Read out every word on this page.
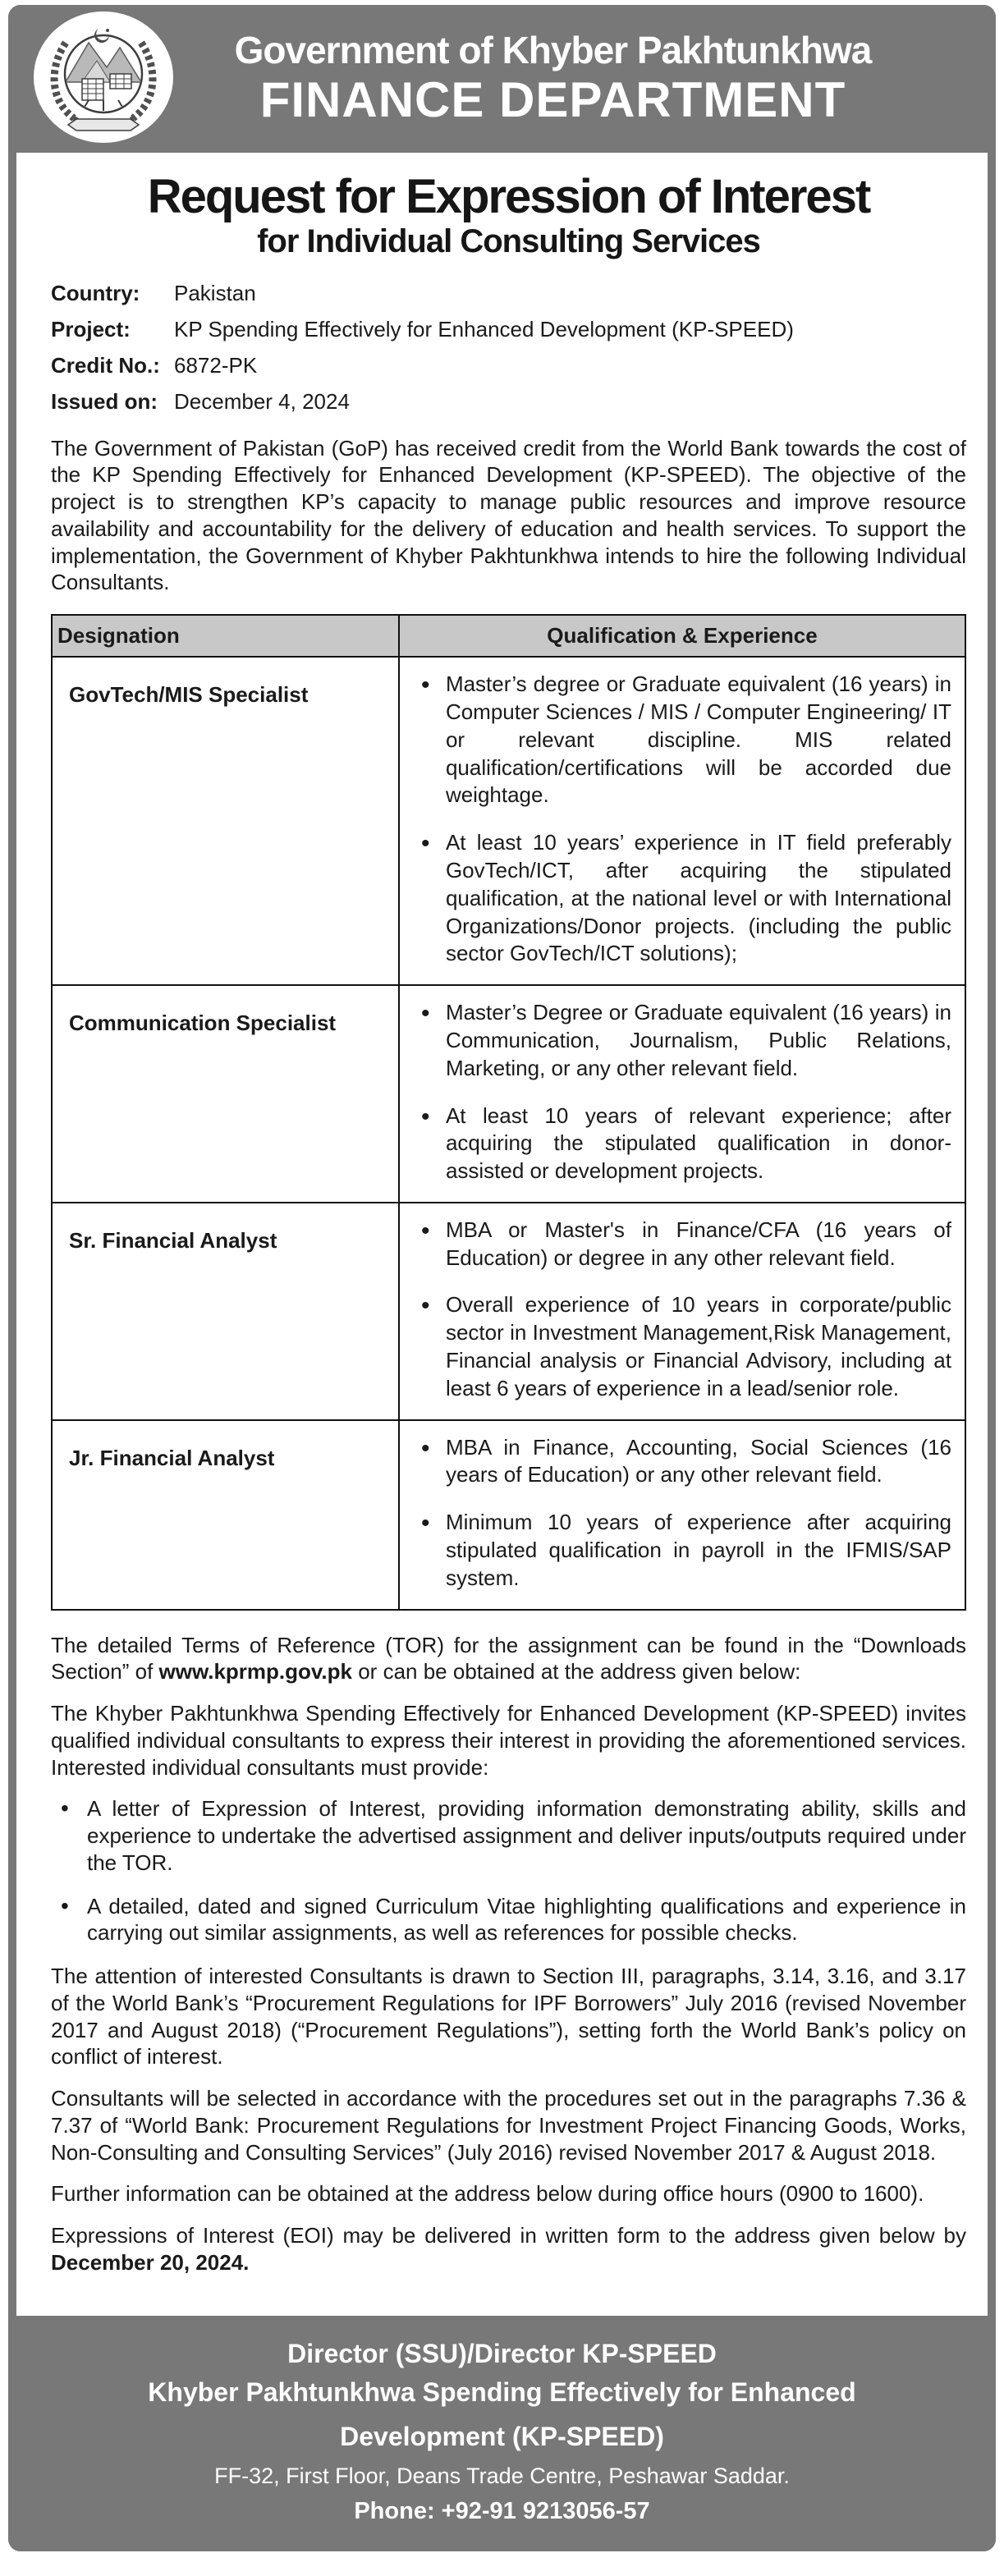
Government of Khyber Pakhtunkhwa
FINANCE DEPARTMENT
Request for Expression of Interest
for Individual Consulting Services
Country:	Pakistan
Project:	KP Spending Effectively for Enhanced Development (KP-SPEED)
Credit No.: 6872-PK
Issued on: December 4, 2024

The Government of Pakistan (GoP) has received credit from the World Bank towards the cost of the KP Spending Effectively for Enhanced Development (KP-SPEED). The objective of the project is to strengthen KP’s capacity to manage public resources and improve resource availability and accountability for the delivery of education and health services. To support the implementation, the Government of Khyber Pakhtunkhwa intends to hire the following Individual Consultants.

Designation	Qualification & Experience
GovTech/MIS Specialist	
•Master’s degree or Graduate equivalent (16 years) in Computer Sciences / MIS / Computer Engineering/ IT or relevant discipline. MIS related qualification/certifications will be accorded due weightage.
• At least 10 years’ experience in IT field preferably GovTech/ICT, after acquiring the stipulated qualification, at the national level or with International Organizations/Donor projects. (including the public sector GovTech/ICT solutions);

Communication Specialist	
•Master’s Degree or Graduate equivalent (16 years) in Communication, Journalism, Public Relations, Marketing, or any other relevant field.
• At least 10 years of relevant experience; after acquiring the stipulated qualification in donor-assisted or development projects.

Sr. Financial Analyst	
•MBA or Master's in Finance/CFA (16 years of Education) or degree in any other relevant field.
• Overall experience of 10 years in corporate/public sector in Investment Management,Risk Management, Financial analysis or Financial Advisory, including at least 6 years of experience in a lead/senior role.

Jr. Financial Analyst	
•MBA in Finance, Accounting, Social Sciences (16 years of Education) or any other relevant field.
• Minimum 10 years of experience after acquiring stipulated qualification in payroll in the IFMIS/SAP system.

The detailed Terms of Reference (TOR) for the assignment can be found in the “Downloads Section” of www.kprmp.gov.pk or can be obtained at the address given below:

The Khyber Pakhtunkhwa Spending Effectively for Enhanced Development (KP-SPEED) invites qualified individual consultants to express their interest in providing the aforementioned services. Interested individual consultants must provide:

• A letter of Expression of Interest, providing information demonstrating ability, skills and experience to undertake the advertised assignment and deliver inputs/outputs required under the TOR.
• A detailed, dated and signed Curriculum Vitae highlighting qualifications and experience in carrying out similar assignments, as well as references for possible checks.

The attention of interested Consultants is drawn to Section III, paragraphs, 3.14, 3.16, and 3.17 of the World Bank’s “Procurement Regulations for IPF Borrowers” July 2016 (revised November 2017 and August 2018) (“Procurement Regulations”), setting forth the World Bank’s policy on conflict of interest.

Consultants will be selected in accordance with the procedures set out in the paragraphs 7.36 & 7.37 of “World Bank: Procurement Regulations for Investment Project Financing Goods, Works, Non-Consulting and Consulting Services” (July 2016) revised November 2017 & August 2018.

Further information can be obtained at the address below during office hours (0900 to 1600).

Expressions of Interest (EOI) may be delivered in written form to the address given below by December 20, 2024.

Director (SSU)/Director KP-SPEED
Khyber Pakhtunkhwa Spending Effectively for Enhanced
Development (KP-SPEED)
FF-32, First Floor, Deans Trade Centre, Peshawar Saddar.
Phone: +92-91 9213056-57
